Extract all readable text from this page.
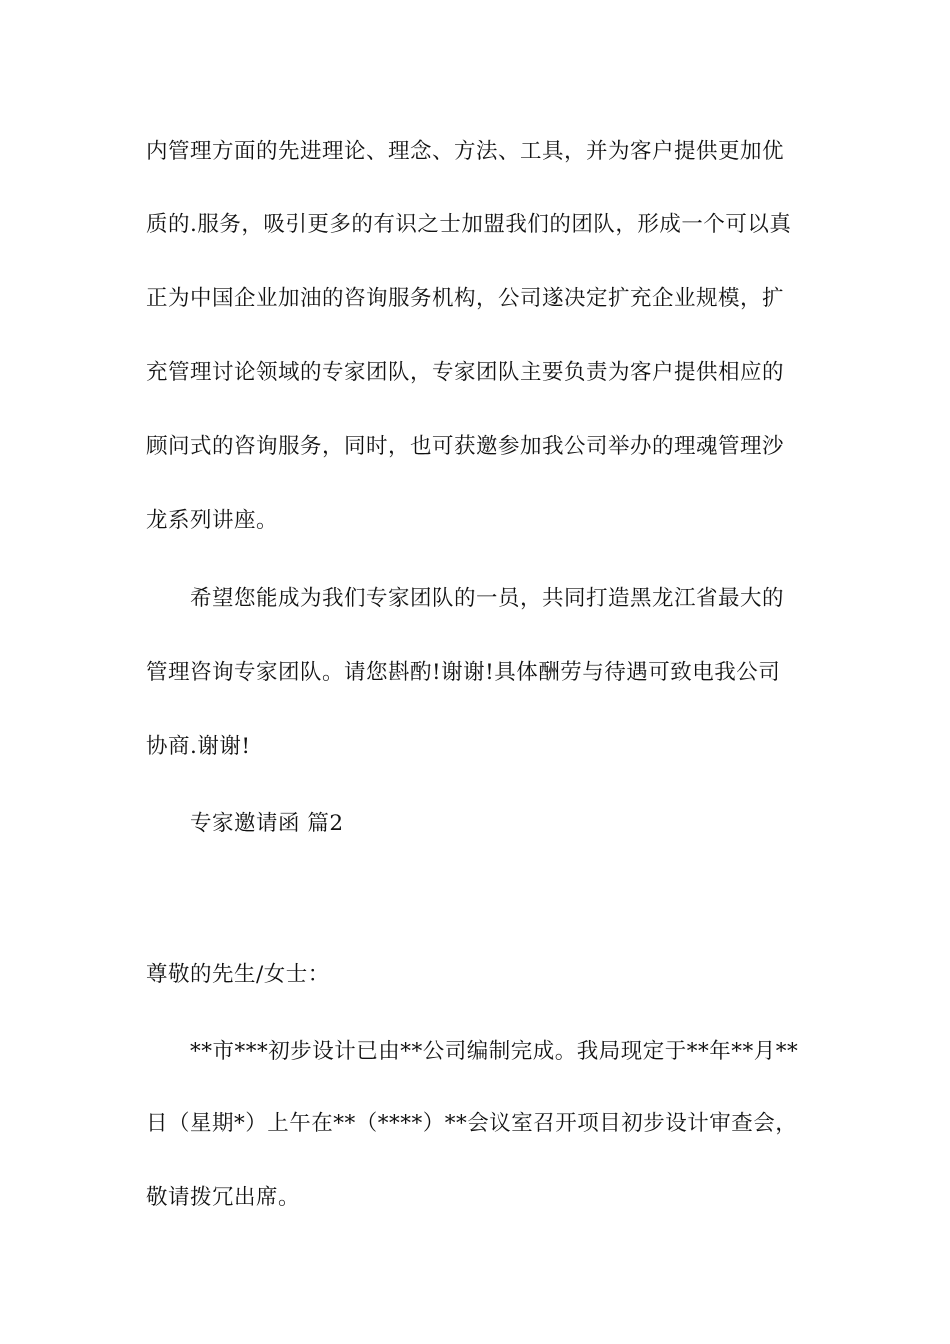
内管理方面的先进理论、理念、方法、工具，并为客户提供更加优
质的.服务，吸引更多的有识之士加盟我们的团队，形成一个可以真
正为中国企业加油的咨询服务机构，公司遂决定扩充企业规模，扩
充管理讨论领域的专家团队，专家团队主要负责为客户提供相应的
顾问式的咨询服务，同时，也可获邀参加我公司举办的理魂管理沙
龙系列讲座。
希望您能成为我们专家团队的一员，共同打造黑龙江省最大的
管理咨询专家团队。请您斟酌!谢谢!具体酬劳与待遇可致电我公司
协商.谢谢!
专家邀请函 篇2
尊敬的先生/女士：
**市***初步设计已由**公司编制完成。我局现定于**年**月**
日（星期*）上午在**（****）**会议室召开项目初步设计审查会，
敬请拨冗出席。
